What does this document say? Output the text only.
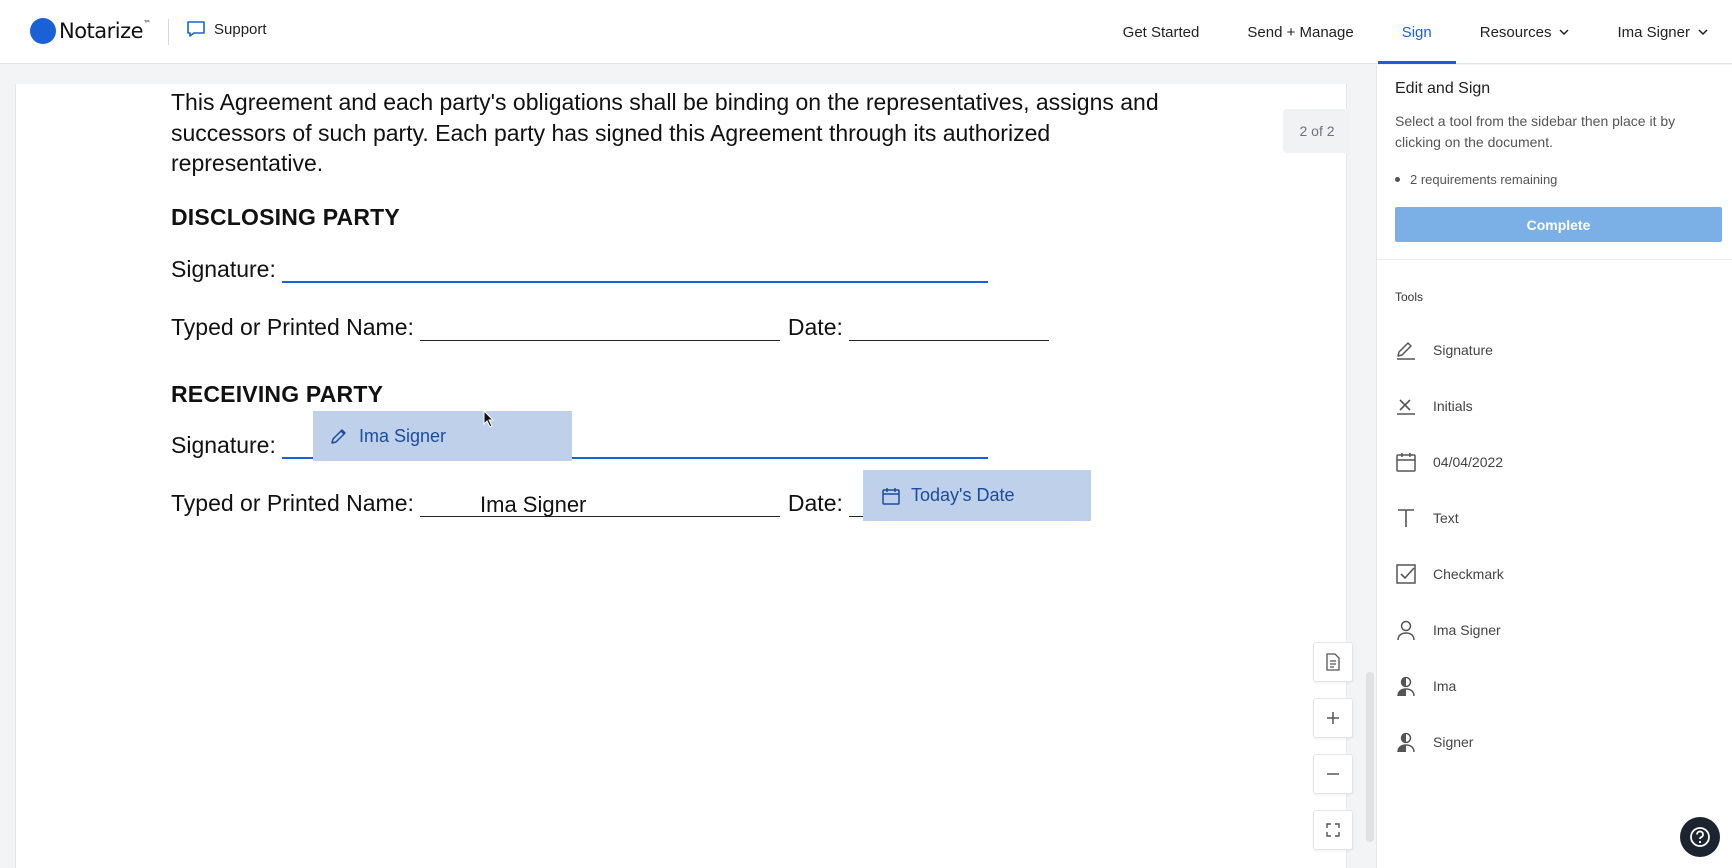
Notarize™	Support	Get Started	Send + Manage	Sign	Resources	Ima Signer
This Agreement and each party's obligations shall be binding on the representatives, assigns and successors of such party. Each party has signed this Agreement through its authorized representative.
DISCLOSING PARTY
Signature:
Typed or Printed Name:	Date:
RECEIVING PARTY
Signature:
Typed or Printed Name:	Date:
2 of 2
Ima Signer
Ima Signer	Today's Date
Edit and Sign
Select a tool from the sidebar then place it by clicking on the document.
2 requirements remaining
Complete
Tools
Signature
Initials
04/04/2022
Text
Checkmark
Ima Signer
Ima
Signer
